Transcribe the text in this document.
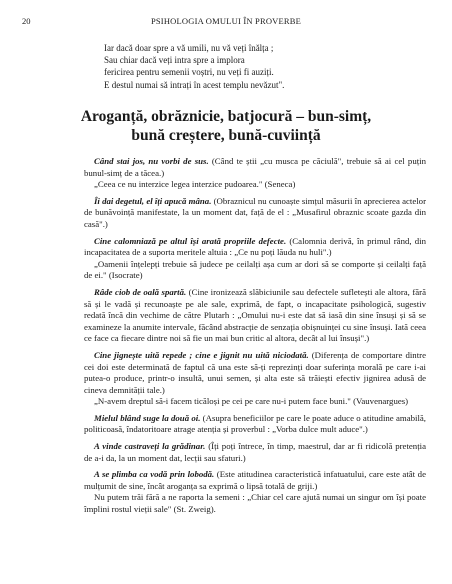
20	PSIHOLOGIA OMULUI ÎN PROVERBE
Iar dacă doar spre a vă umili, nu vă veți înălța ;
Sau chiar dacă veți intra spre a implora
fericirea pentru semenii voștri, nu veți fi auziți.
E destul numai să intrați în acest templu nevăzut".
Aroganță, obrăznicie, batjocură – bun-simț,
bună creștere, bună-cuviință

Când stai jos, nu vorbi de sus. (Când te știi „cu musca pe căciulă", trebuie să ai cel puțin bunul-simț de a tăcea.)

„Ceea ce nu interzice legea interzice pudoarea." (Seneca)

Îi dai degetul, el îți apucă mâna. (Obraznicul nu cunoaște simțul măsurii în aprecierea actelor de bunăvoință manifestate, la un moment dat, față de el : „Musafirul obraznic scoate gazda din casă".)

Cine calomniază pe altul își arată propriile defecte. (Calomnia derivă, în primul rând, din incapacitatea de a suporta meritele altuia : „Ce nu poți lăuda nu huli".)

„Oamenii înțelepți trebuie să judece pe ceilalți așa cum ar dori să se comporte și ceilalți față de ei." (Isocrate)

Râde ciob de oală spartă. (Cine ironizează slăbiciunile sau defectele sufletești ale altora, fără să și le vadă și recunoaște pe ale sale, exprimă, de fapt, o incapacitate psihologică, sugestiv redată încă din vechime de către Plutarh : „Omului nu-i este dat să iasă din sine însuși și să se examineze la anumite intervale, făcând abstracție de senzația obișnuinței cu sine însuși. Iată ceea ce face ca fiecare dintre noi să fie un mai bun critic al altora, decât al lui însuși".)

Cine jignește uită repede ; cine e jignit nu uită niciodată. (Diferența de comportare dintre cei doi este determinată de faptul că una este să-ți reprezinți doar suferința morală pe care i-ai putea-o produce, printr-o insultă, unui semen, și alta este să trăiești efectiv jignirea adusă de cineva demnității tale.)

„N-avem dreptul să-i facem ticăloși pe cei pe care nu-i putem face buni." (Vauvenargues)

Mielul blând suge la două oi. (Asupra beneficiilor pe care le poate aduce o atitudine amabilă, politicoasă, îndatoritoare atrage atenția și proverbul : „Vorba dulce mult aduce".)

A vinde castraveți la grădinar. (Îți poți întrece, în timp, maestrul, dar ar fi ridicolă pretenția de a-i da, la un moment dat, lecții sau sfaturi.)

A se plimba ca vodă prin lobodă. (Este atitudinea caracteristică infatuatului, care este atât de mulțumit de sine, încât aroganța sa exprimă o lipsă totală de griji.)

Nu putem trăi fără a ne raporta la semeni : „Chiar cel care ajută numai un singur om își poate împlini rostul vieții sale" (St. Zweig).
